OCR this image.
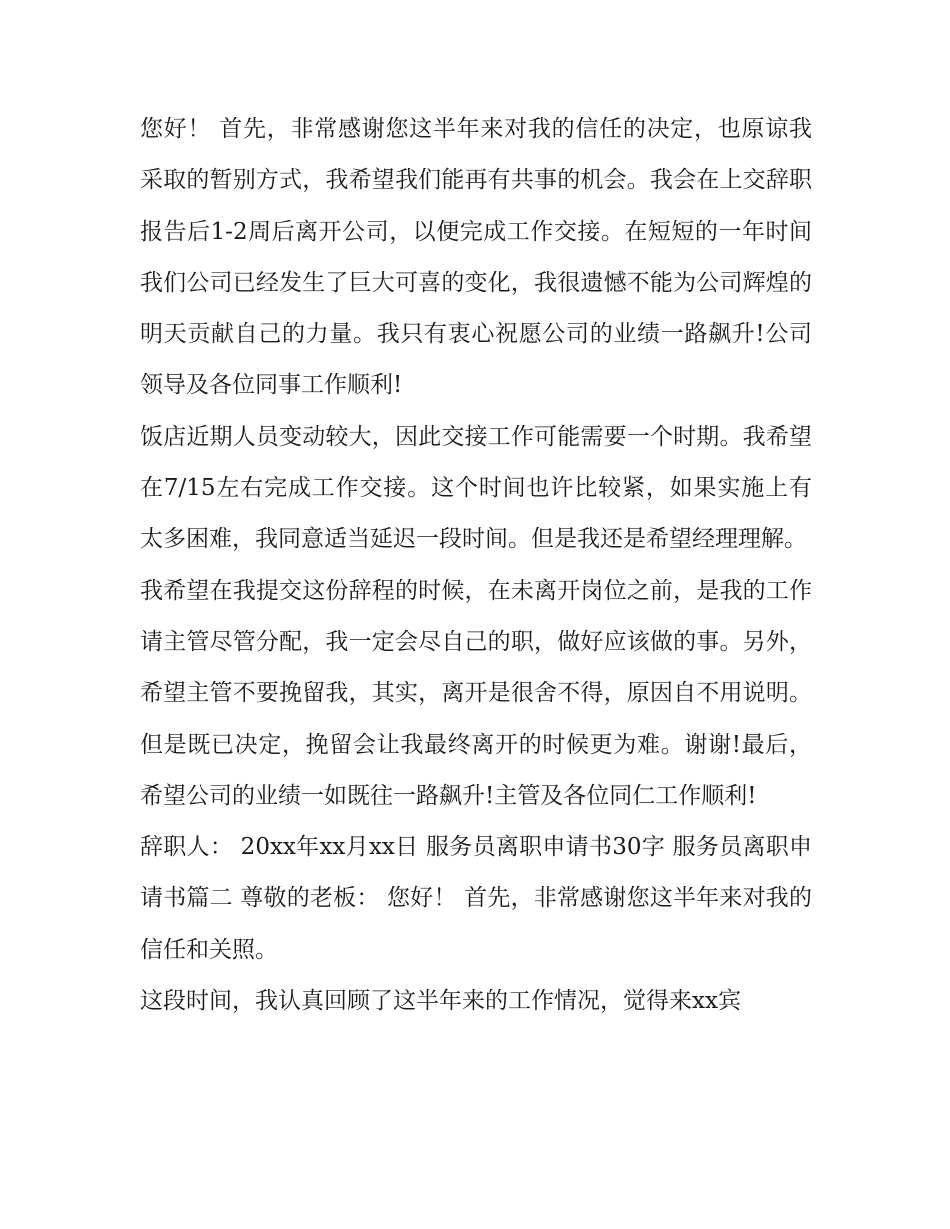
您好！ 首先，非常感谢您这半年来对我的信任的决定，也原谅我采取的暂别方式，我希望我们能再有共事的机会。我会在上交辞职报告后1-2周后离开公司，以便完成工作交接。在短短的一年时间我们公司已经发生了巨大可喜的变化，我很遗憾不能为公司辉煌的明天贡献自己的力量。我只有衷心祝愿公司的业绩一路飙升!公司领导及各位同事工作顺利!

饭店近期人员变动较大，因此交接工作可能需要一个时期。我希望在7/15左右完成工作交接。这个时间也许比较紧，如果实施上有太多困难，我同意适当延迟一段时间。但是我还是希望经理理解。

我希望在我提交这份辞程的时候，在未离开岗位之前，是我的工作请主管尽管分配，我一定会尽自己的职，做好应该做的事。另外，希望主管不要挽留我，其实，离开是很舍不得，原因自不用说明。但是既已决定，挽留会让我最终离开的时候更为难。谢谢!最后，希望公司的业绩一如既往一路飙升!主管及各位同仁工作顺利!

辞职人： 20xx年xx月xx日 服务员离职申请书30字 服务员离职申请书篇二 尊敬的老板： 您好！ 首先，非常感谢您这半年来对我的信任和关照。

这段时间，我认真回顾了这半年来的工作情况，觉得来xx宾
